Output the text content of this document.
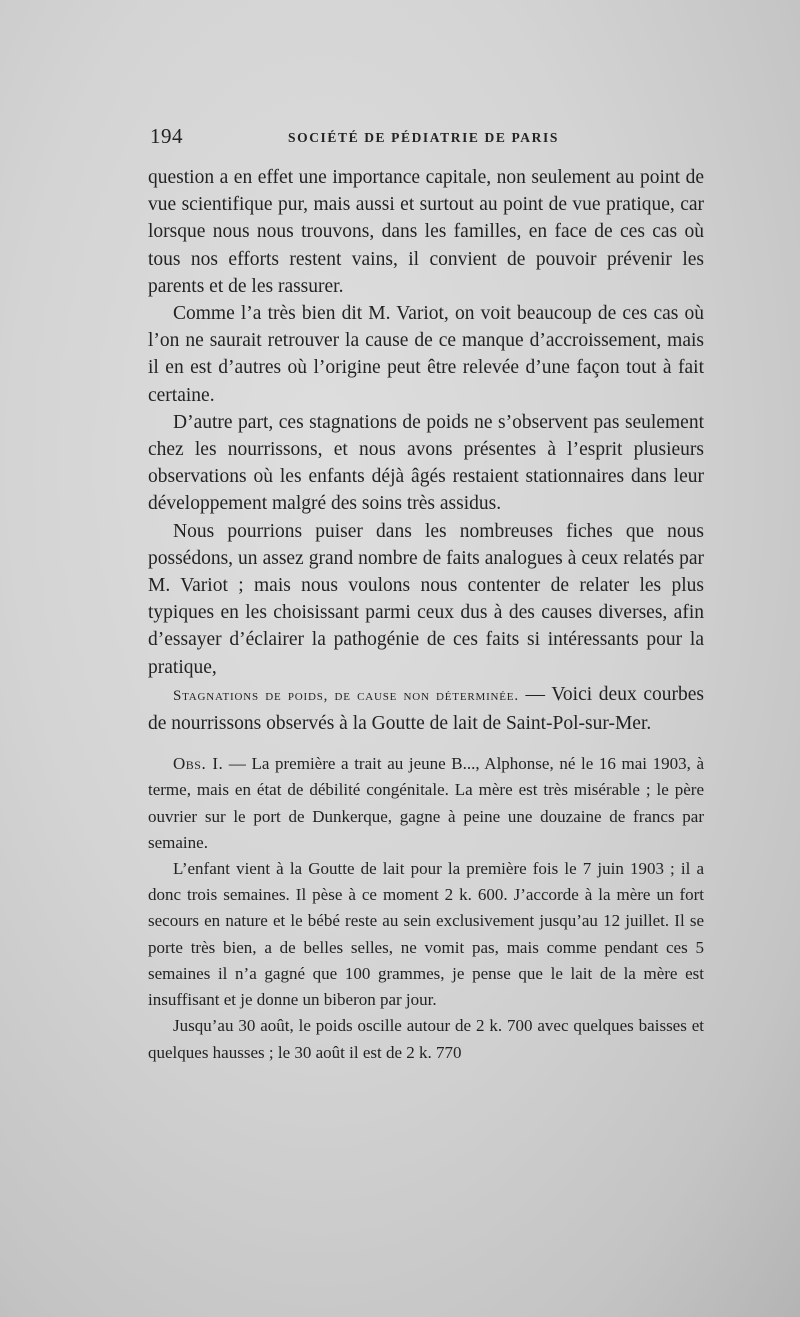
194	SOCIÉTÉ DE PÉDIATRIE DE PARIS

question a en effet une importance capitale, non seulement au point de vue scientifique pur, mais aussi et surtout au point de vue pratique, car lorsque nous nous trouvons, dans les familles, en face de ces cas où tous nos efforts restent vains, il convient de pouvoir prévenir les parents et de les rassurer.

Comme l’a très bien dit M. Variot, on voit beaucoup de ces cas où l’on ne saurait retrouver la cause de ce manque d’accroissement, mais il en est d’autres où l’origine peut être relevée d’une façon tout à fait certaine.

D’autre part, ces stagnations de poids ne s’observent pas seulement chez les nourrissons, et nous avons présentes à l’esprit plusieurs observations où les enfants déjà âgés restaient stationnaires dans leur développement malgré des soins très assidus.

Nous pourrions puiser dans les nombreuses fiches que nous possédons, un assez grand nombre de faits analogues à ceux relatés par M. Variot ; mais nous voulons nous contenter de relater les plus typiques en les choisissant parmi ceux dus à des causes diverses, afin d’essayer d’éclairer la pathogénie de ces faits si intéressants pour la pratique,

Stagnations de poids, de cause non déterminée. — Voici deux courbes de nourrissons observés à la Goutte de lait de Saint-Pol-sur-Mer.

Obs. I. — La première a trait au jeune B..., Alphonse, né le 16 mai 1903, à terme, mais en état de débilité congénitale. La mère est très misérable ; le père ouvrier sur le port de Dunkerque, gagne à peine une douzaine de francs par semaine.

L’enfant vient à la Goutte de lait pour la première fois le 7 juin 1903 ; il a donc trois semaines. Il pèse à ce moment 2 k. 600. J’accorde à la mère un fort secours en nature et le bébé reste au sein exclusivement jusqu’au 12 juillet. Il se porte très bien, a de belles selles, ne vomit pas, mais comme pendant ces 5 semaines il n’a gagné que 100 grammes, je pense que le lait de la mère est insuffisant et je donne un biberon par jour.

Jusqu’au 30 août, le poids oscille autour de 2 k. 700 avec quelques baisses et quelques hausses ; le 30 août il est de 2 k. 770
